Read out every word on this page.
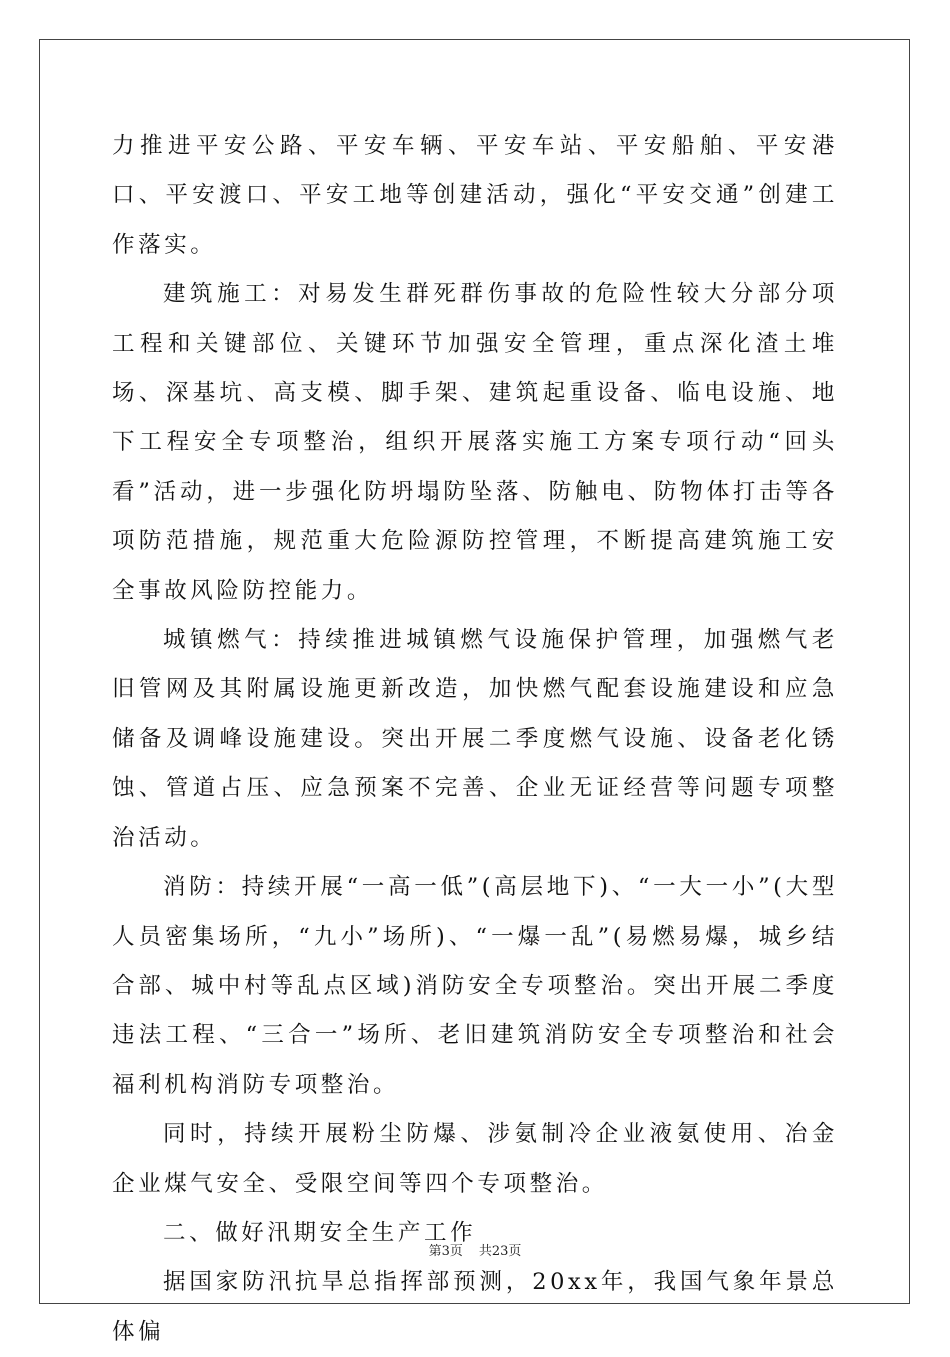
力推进平安公路、平安车辆、平安车站、平安船舶、平安港口、平安渡口、平安工地等创建活动，强化“平安交通”创建工作落实。

建筑施工：对易发生群死群伤事故的危险性较大分部分项工程和关键部位、关键环节加强安全管理，重点深化渣土堆场、深基坑、高支模、脚手架、建筑起重设备、临电设施、地下工程安全专项整治，组织开展落实施工方案专项行动“回头看”活动，进一步强化防坍塌防坠落、防触电、防物体打击等各项防范措施，规范重大危险源防控管理，不断提高建筑施工安全事故风险防控能力。

城镇燃气：持续推进城镇燃气设施保护管理，加强燃气老旧管网及其附属设施更新改造，加快燃气配套设施建设和应急储备及调峰设施建设。突出开展二季度燃气设施、设备老化锈蚀、管道占压、应急预案不完善、企业无证经营等问题专项整治活动。

消防：持续开展“一高一低”(高层地下)、“一大一小”(大型人员密集场所，“九小”场所)、“一爆一乱”(易燃易爆，城乡结合部、城中村等乱点区域)消防安全专项整治。突出开展二季度违法工程、“三合一”场所、老旧建筑消防安全专项整治和社会福利机构消防专项整治。

同时，持续开展粉尘防爆、涉氨制冷企业液氨使用、冶金企业煤气安全、受限空间等四个专项整治。

二、做好汛期安全生产工作

据国家防汛抗旱总指挥部预测，20xx年，我国气象年景总体偏

第3页 共23页
